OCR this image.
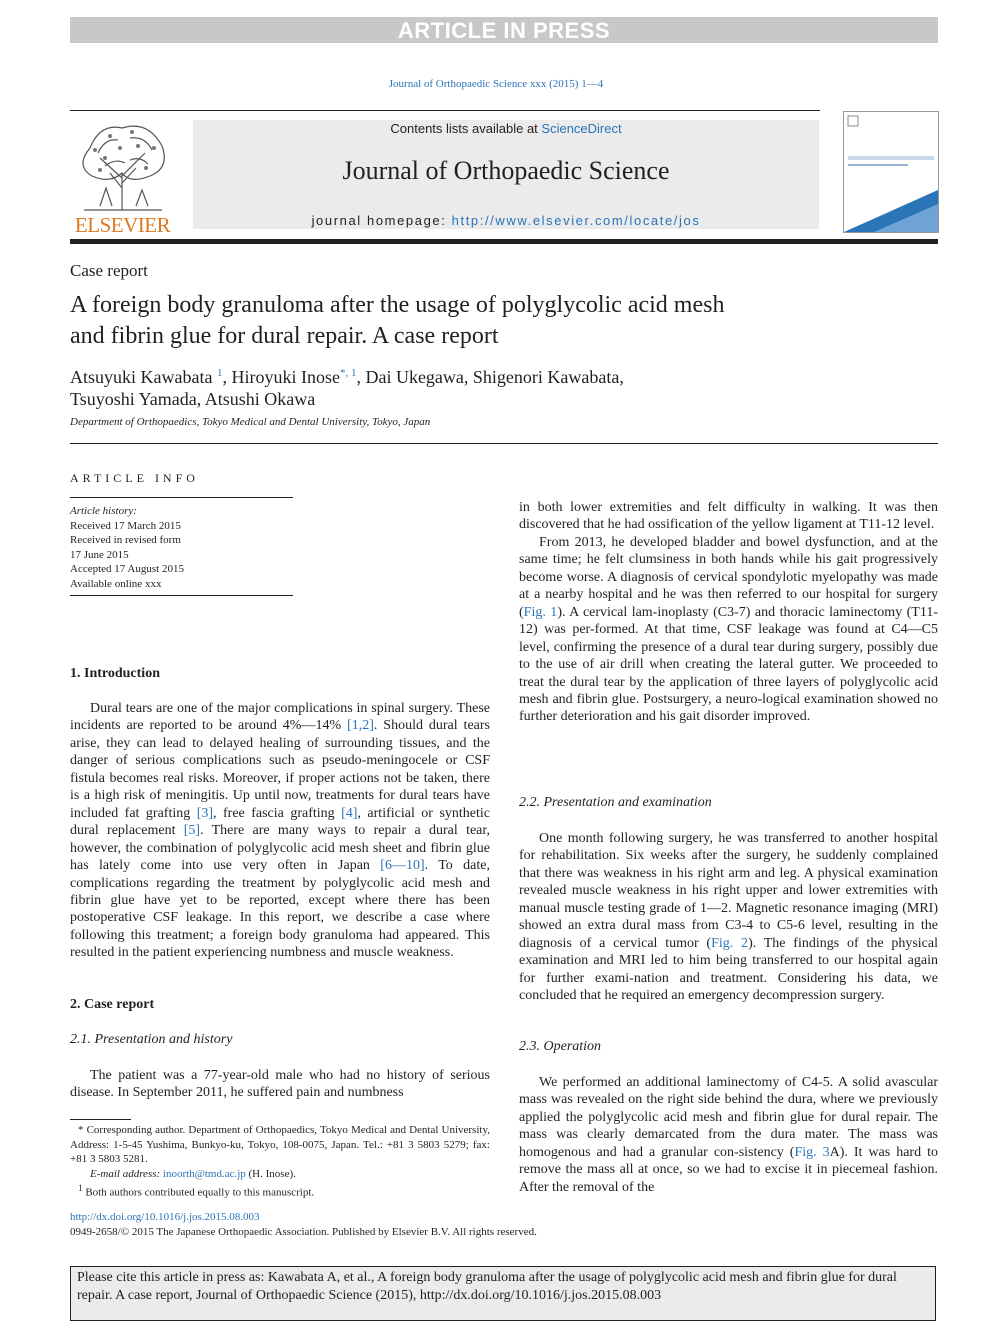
ARTICLE IN PRESS
Journal of Orthopaedic Science xxx (2015) 1—4
ELSEVIER
Contents lists available at ScienceDirect
Journal of Orthopaedic Science
journal homepage: http://www.elsevier.com/locate/jos
Case report
A foreign body granuloma after the usage of polyglycolic acid mesh
and fibrin glue for dural repair. A case report
Atsuyuki Kawabata $^1$, Hiroyuki Inose$^{*, 1}$, Dai Ukegawa, Shigenori Kawabata,
Tsuyoshi Yamada, Atsushi Okawa
Department of Orthopaedics, Tokyo Medical and Dental University, Tokyo, Japan
ARTICLE INFO
Article history:
Received 17 March 2015
Received in revised form
17 June 2015
Accepted 17 August 2015
Available online xxx
1. Introduction

Dural tears are one of the major complications in spinal surgery. These incidents are reported to be around 4%—14% [1,2]. Should dural tears arise, they can lead to delayed healing of surrounding tissues, and the danger of serious complications such as pseudo-meningocele or CSF fistula becomes real risks. Moreover, if proper actions not be taken, there is a high risk of meningitis. Up until now, treatments for dural tears have included fat grafting [3], free fascia grafting [4], artificial or synthetic dural replacement [5]. There are many ways to repair a dural tear, however, the combination of polyglycolic acid mesh sheet and fibrin glue has lately come into use very often in Japan [6—10]. To date, complications regarding the treatment by polyglycolic acid mesh and fibrin glue have yet to be reported, except where there has been postoperative CSF leakage. In this report, we describe a case where following this treatment; a foreign body granuloma had appeared. This resulted in the patient experiencing numbness and muscle weakness.

2. Case report
2.1. Presentation and history

The patient was a 77-year-old male who had no history of serious disease. In September 2011, he suffered pain and numbness

in both lower extremities and felt difficulty in walking. It was then discovered that he had ossification of the yellow ligament at T11-12 level.

From 2013, he developed bladder and bowel dysfunction, and at the same time; he felt clumsiness in both hands while his gait progressively become worse. A diagnosis of cervical spondylotic myelopathy was made at a nearby hospital and he was then referred to our hospital for surgery (Fig. 1). A cervical lam-inoplasty (C3-7) and thoracic laminectomy (T11-12) was per-formed. At that time, CSF leakage was found at C4—C5 level, confirming the presence of a dural tear during surgery, possibly due to the use of air drill when creating the lateral gutter. We proceeded to treat the dural tear by the application of three layers of polyglycolic acid mesh and fibrin glue. Postsurgery, a neuro-logical examination showed no further deterioration and his gait disorder improved.

2.2. Presentation and examination

One month following surgery, he was transferred to another hospital for rehabilitation. Six weeks after the surgery, he suddenly complained that there was weakness in his right arm and leg. A physical examination revealed muscle weakness in his right upper and lower extremities with manual muscle testing grade of 1—2. Magnetic resonance imaging (MRI) showed an extra dural mass from C3-4 to C5-6 level, resulting in the diagnosis of a cervical tumor (Fig. 2). The findings of the physical examination and MRI led to him being transferred to our hospital again for further exami-nation and treatment. Considering his data, we concluded that he required an emergency decompression surgery.

2.3. Operation

We performed an additional laminectomy of C4-5. A solid avascular mass was revealed on the right side behind the dura, where we previously applied the polyglycolic acid mesh and fibrin glue for dural repair. The mass was clearly demarcated from the dura mater. The mass was homogenous and had a granular con-sistency (Fig. 3A). It was hard to remove the mass all at once, so we had to excise it in piecemeal fashion. After the removal of the

* Corresponding author. Department of Orthopaedics, Tokyo Medical and Dental University, Address: 1-5-45 Yushima, Bunkyo-ku, Tokyo, 108-0075, Japan. Tel.: +81 3 5803 5279; fax: +81 3 5803 5281.
E-mail address: inoorth@tmd.ac.jp (H. Inose).
$^1$ Both authors contributed equally to this manuscript.
http://dx.doi.org/10.1016/j.jos.2015.08.003
0949-2658/© 2015 The Japanese Orthopaedic Association. Published by Elsevier B.V. All rights reserved.
Please cite this article in press as: Kawabata A, et al., A foreign body granuloma after the usage of polyglycolic acid mesh and fibrin glue for dural repair. A case report, Journal of Orthopaedic Science (2015), http://dx.doi.org/10.1016/j.jos.2015.08.003
